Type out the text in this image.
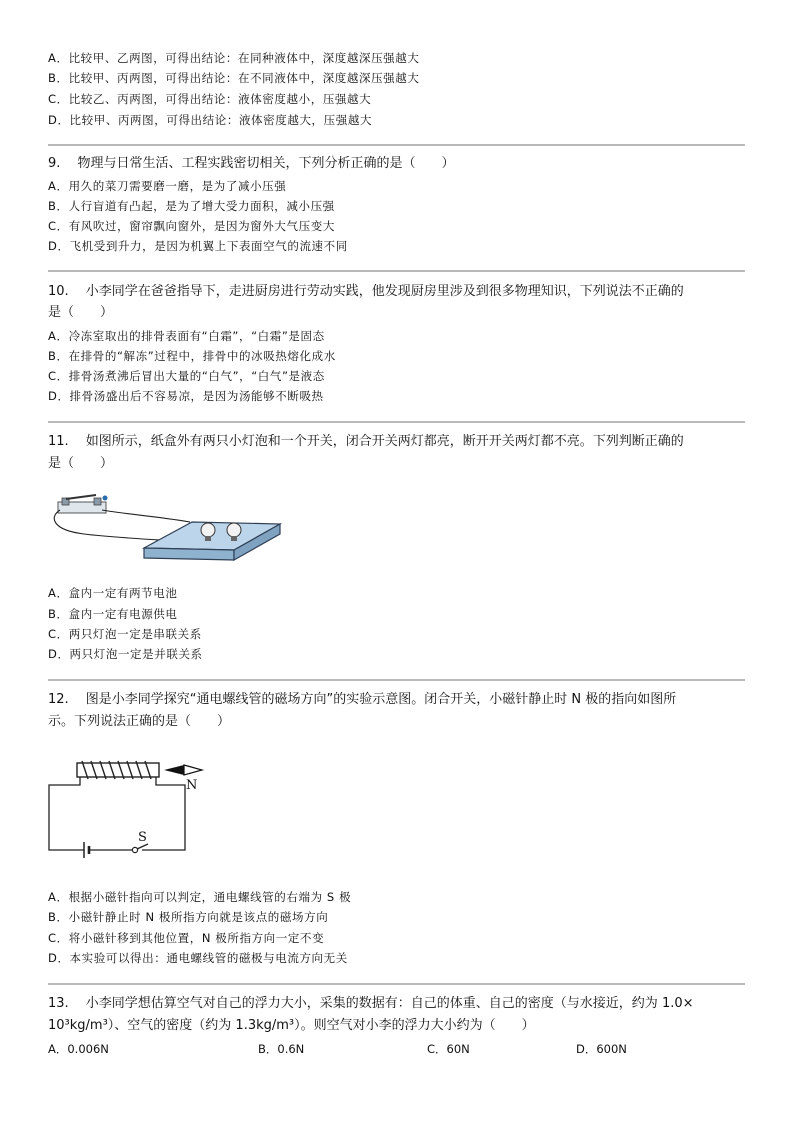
A．比较甲、乙两图，可得出结论：在同种液体中，深度越深压强越大
B．比较甲、丙两图，可得出结论：在不同液体中，深度越深压强越大
C．比较乙、丙两图，可得出结论：液体密度越小，压强越大
D．比较甲、丙两图，可得出结论：液体密度越大，压强越大
9.　 物理与日常生活、工程实践密切相关，下列分析正确的是（　　）
A．用久的菜刀需要磨一磨，是为了减小压强
B．人行盲道有凸起，是为了增大受力面积，减小压强
C．有风吹过，窗帘飘向窗外，是因为窗外大气压变大
D．飞机受到升力，是因为机翼上下表面空气的流速不同
10.　 小李同学在爸爸指导下，走进厨房进行劳动实践，他发现厨房里涉及到很多物理知识，下列说法不正确的
是（　　）
A．冷冻室取出的排骨表面有“白霜”，“白霜”是固态
B．在排骨的“解冻”过程中，排骨中的冰吸热熔化成水
C．排骨汤煮沸后冒出大量的“白气”，“白气”是液态
D．排骨汤盛出后不容易凉，是因为汤能够不断吸热
11.　 如图所示，纸盒外有两只小灯泡和一个开关，闭合开关两灯都亮，断开开关两灯都不亮。下列判断正确的
是（　　）
A．盒内一定有两节电池
B．盒内一定有电源供电
C．两只灯泡一定是串联关系
D．两只灯泡一定是并联关系
12.　 图是小李同学探究“通电螺线管的磁场方向”的实验示意图。闭合开关，小磁针静止时 N 极的指向如图所
示。下列说法正确的是（　　）
N
S
A．根据小磁针指向可以判定，通电螺线管的右端为 S 极
B．小磁针静止时 N 极所指方向就是该点的磁场方向
C．将小磁针移到其他位置，N 极所指方向一定不变
D．本实验可以得出：通电螺线管的磁极与电流方向无关
13.　 小李同学想估算空气对自己的浮力大小，采集的数据有：自己的体重、自己的密度（与水接近，约为 1.0×
10³kg/m³）、空气的密度（约为 1.3kg/m³）。则空气对小李的浮力大小约为（　　）
A．0.006N	B．0.6N	C．60N	D．600N
